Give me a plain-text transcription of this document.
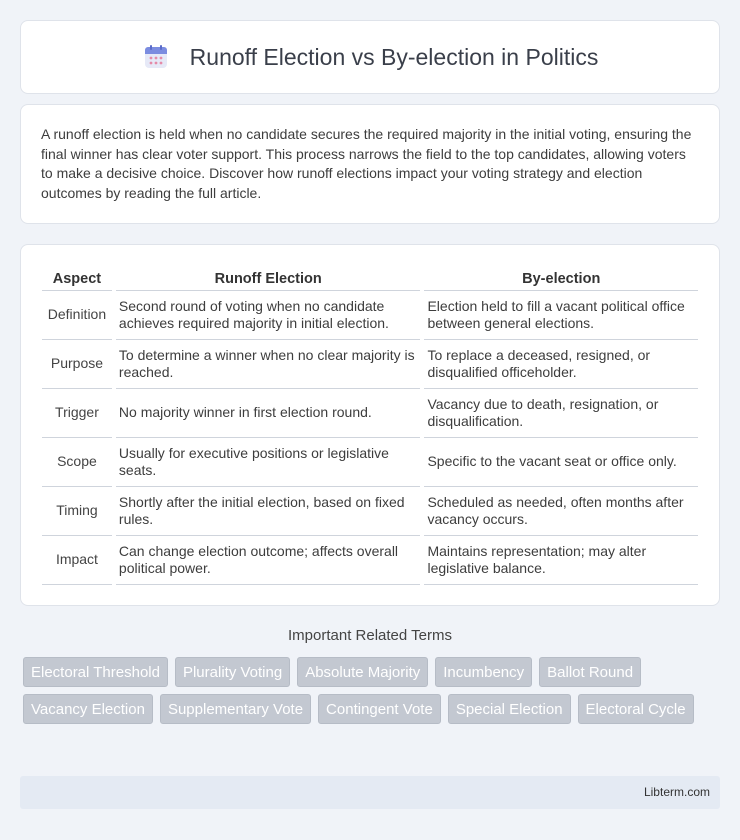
Runoff Election vs By-election in Politics

A runoff election is held when no candidate secures the required majority in the initial voting, ensuring the final winner has clear voter support. This process narrows the field to the top candidates, allowing voters to make a decisive choice. Discover how runoff elections impact your voting strategy and election outcomes by reading the full article.

Aspect	Runoff Election	By-election
Definition	Second round of voting when no candidate achieves required majority in initial election.	Election held to fill a vacant political office between general elections.
Purpose	To determine a winner when no clear majority is reached.	To replace a deceased, resigned, or disqualified officeholder.
Trigger	No majority winner in first election round.	Vacancy due to death, resignation, or disqualification.
Scope	Usually for executive positions or legislative seats.	Specific to the vacant seat or office only.
Timing	Shortly after the initial election, based on fixed rules.	Scheduled as needed, often months after vacancy occurs.
Impact	Can change election outcome; affects overall political power.	Maintains representation; may alter legislative balance.
Important Related Terms
Electoral Threshold	Plurality Voting	Absolute Majority	Incumbency	Ballot Round
Vacancy Election	Supplementary Vote	Contingent Vote	Special Election	Electoral Cycle
Libterm.com
